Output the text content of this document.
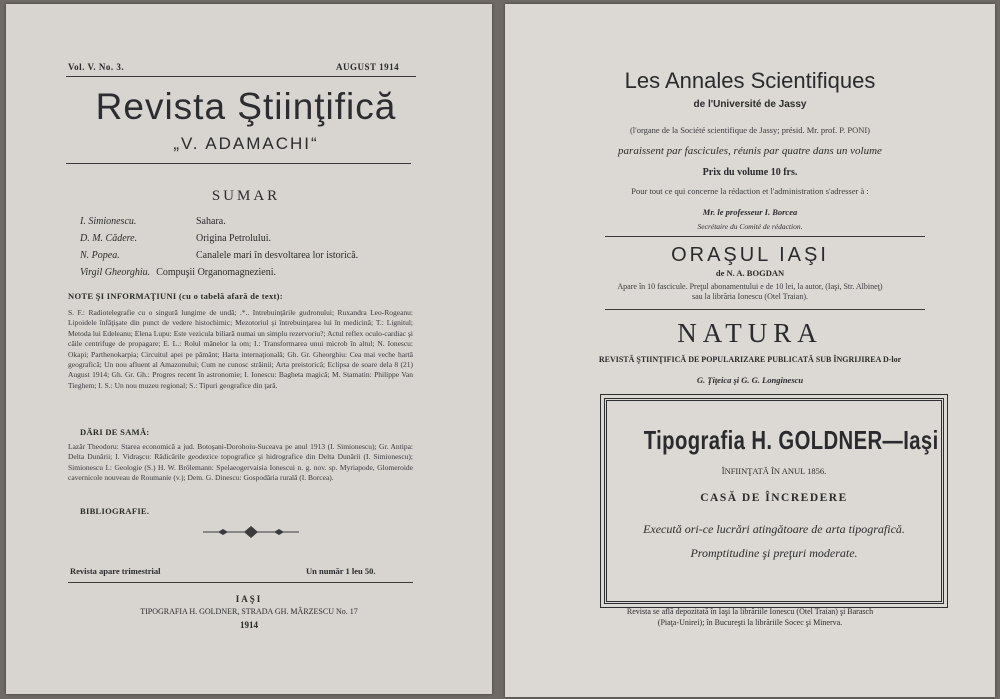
Vol. V. No. 3.	AUGUST 1914
Revista Ştiinţifică
„V. ADAMACHI“
SUMAR
I. Simionescu.	Sahara.
D. M. Cădere.	Origina Petrolului.
N. Popea.	Canalele mari în desvoltarea lor istorică.
Virgil Gheorghiu. Compuşii Organomagnezieni.
NOTE ŞI INFORMAŢIUNI (cu o tabelă afară de text):
S. F.: Radiotelegrafie cu o singură lungime de undă; .*.. Intrebuinţările gudronului; Ruxandra Leo-Rogeanu: Lipoidele înfăţişate din punct de vedere histochimic; Mezotoriul şi întrebuinţarea lui în medicină; T.: Lignitul; Metoda lui Edeleanu; Elena Lupu: Este vezicula biliară numai un simplu rezervoriu?; Actul reflex oculo-cardiac şi căile centrifuge de propagare; E. L.: Rolul mânelor la om; I.: Transformarea unui microb în altul; N. Ionescu: Okapi; Parthenokarpia; Circuitul apei pe pământ; Harta internaţională; Gh. Gr. Gheorghiu: Cea mai veche hartă geografică; Un nou afluent al Amazonului; Cum ne cunosc străinii; Arta preistorică; Eclipsa de soare dela 8 (21) August 1914; Gh. Gr. Gh.: Progres recent în astronomie; I. Ionescu: Bagheta magică; M. Stamatin: Philippe Van Tieghem; I. S.: Un nou muzeu regional; S.: Tipuri geografice din ţară.
DĂRI DE SAMĂ:
Lazăr Theodoru: Starea economică a jud. Botoşani-Dorohoiu-Suceava pe anul 1913 (I. Simionescu); Gr. Antipa: Delta Dunării; I. Vidraşcu: Rădicările geodezice topografice şi hidrografice din Delta Dunării (I. Simionescu); Simionescu I.: Geologie (S.) H. W. Brölemann: Spelaeogervaisia Ionescui n. g. nov. sp. Myriapode, Glomeroide cavernicole nouveau de Roumanie (v.); Dem. G. Dinescu: Gospodăria rurală (I. Borcea).
BIBLIOGRAFIE.
Revista apare trimestrial	Un număr 1 leu 50.
IAŞI
TIPOGRAFIA H. GOLDNER, STRADA GH. MÂRZESCU No. 17
1914
Les Annales Scientifiques
de l'Université de Jassy
(l'organe de la Société scientifique de Jassy; présid. Mr. prof. P. PONI)
paraissent par fascicules, réunis par quatre dans un volume
Prix du volume 10 frs.
Pour tout ce qui concerne la rédaction et l'administration s'adresser à :
Mr. le professeur I. Borcea
Secrétaire du Comité de rédaction.
ORAŞUL IAŞI
de N. A. BOGDAN
Apare în 10 fascicule. Preţul abonamentului e de 10 lei, la autor, (Iaşi, Str. Albineţ)
sau la librăria Ionescu (Otel Traian).
NATURA
REVISTĂ ŞTIINŢIFICĂ DE POPULARIZARE PUBLICATĂ SUB ÎNGRIJIREA D-lor
G. Ţiţeica şi G. G. Longinescu
Tipografia H. GOLDNER—Iaşi
ÎNFIINŢATĂ ÎN ANUL 1856.
CASĂ DE ÎNCREDERE
Execută ori-ce lucrări atingătoare de arta tipografică.
Promptitudine şi preţuri moderate.
Revista se află depozitată în Iaşi la librăriile Ionescu (Otel Traian) şi Barasch
(Piaţa-Unirei); în Bucureşti la librăriile Socec şi Minerva.
